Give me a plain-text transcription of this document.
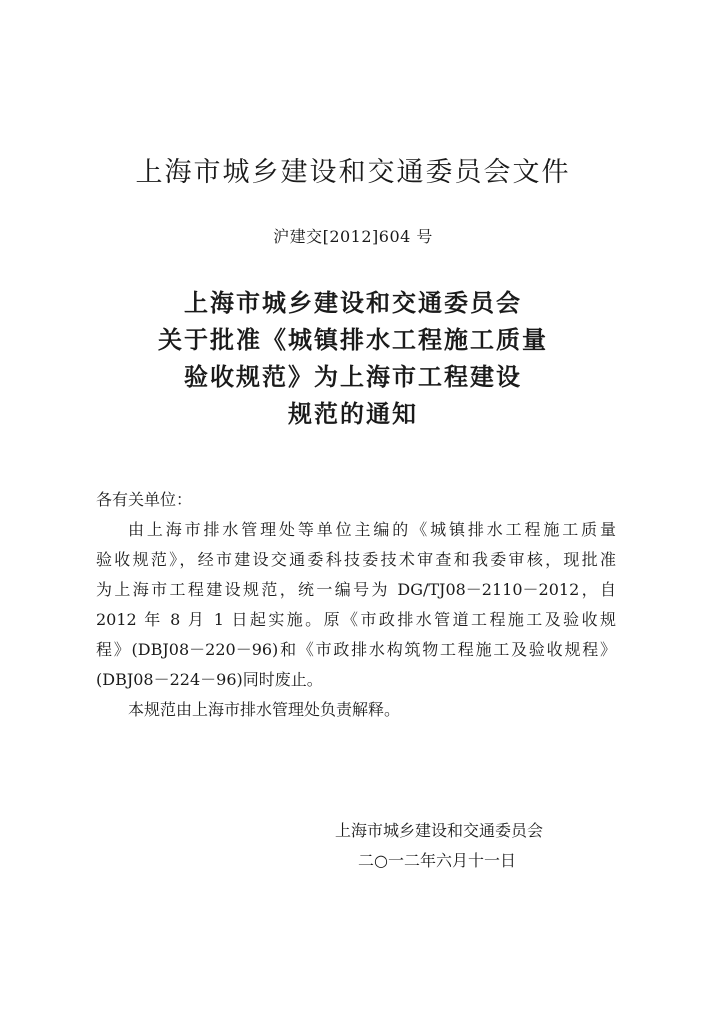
上海市城乡建设和交通委员会文件
沪建交[2012]604 号
上海市城乡建设和交通委员会
关于批准《城镇排水工程施工质量
验收规范》为上海市工程建设
规范的通知
各有关单位：
由上海市排水管理处等单位主编的《城镇排水工程施工质量
验收规范》，经市建设交通委科技委技术审查和我委审核，现批准
为上海市工程建设规范，统一编号为 DG/TJ08－2110－2012，自
2012 年 8 月 1 日起实施。原《市政排水管道工程施工及验收规
程》(DBJ08－220－96)和《市政排水构筑物工程施工及验收规程》
(DBJ08－224－96)同时废止。
本规范由上海市排水管理处负责解释。
上海市城乡建设和交通委员会
二○一二年六月十一日
